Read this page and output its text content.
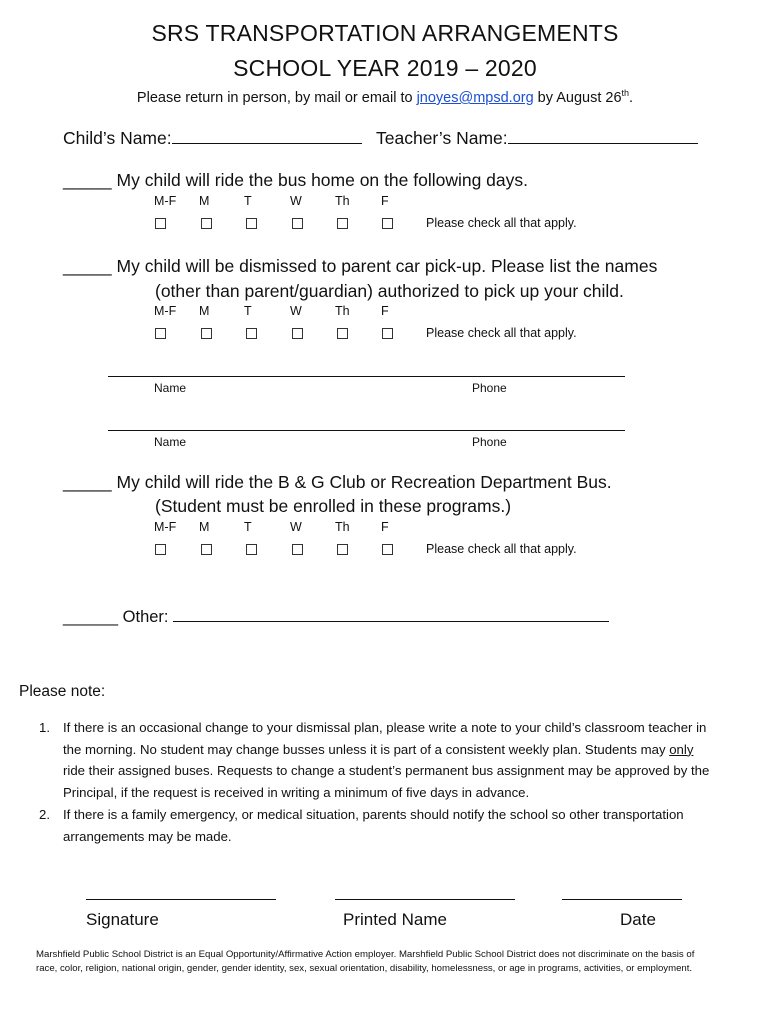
SRS TRANSPORTATION ARRANGEMENTS
SCHOOL YEAR 2019 – 2020
Please return in person, by mail or email to jnoyes@mpsd.org by August 26th.
Child’s Name:	Teacher’s Name:
_____ My child will ride the bus home on the following days.
M-F M	T	W	Th	F
Please check all that apply.
_____ My child will be dismissed to parent car pick-up. Please list the names
(other than parent/guardian) authorized to pick up your child.
M-F M	T	W	Th	F
Please check all that apply.
Name	Phone
Name	Phone
_____ My child will ride the B & G Club or Recreation Department Bus.
(Student must be enrolled in these programs.)
M-F M	T	W	Th	F
Please check all that apply.
______ Other:
Please note:
1. If there is an occasional change to your dismissal plan, please write a note to your child’s classroom teacher in
the morning. No student may change busses unless it is part of a consistent weekly plan. Students may only
ride their assigned buses. Requests to change a student’s permanent bus assignment may be approved by the
Principal, if the request is received in writing a minimum of five days in advance.
2. If there is a family emergency, or medical situation, parents should notify the school so other transportation
arrangements may be made.
Signature	Printed Name	Date
Marshfield Public School District is an Equal Opportunity/Affirmative Action employer. Marshfield Public School District does not discriminate on the basis of
race, color, religion, national origin, gender, gender identity, sex, sexual orientation, disability, homelessness, or age in programs, activities, or employment.
